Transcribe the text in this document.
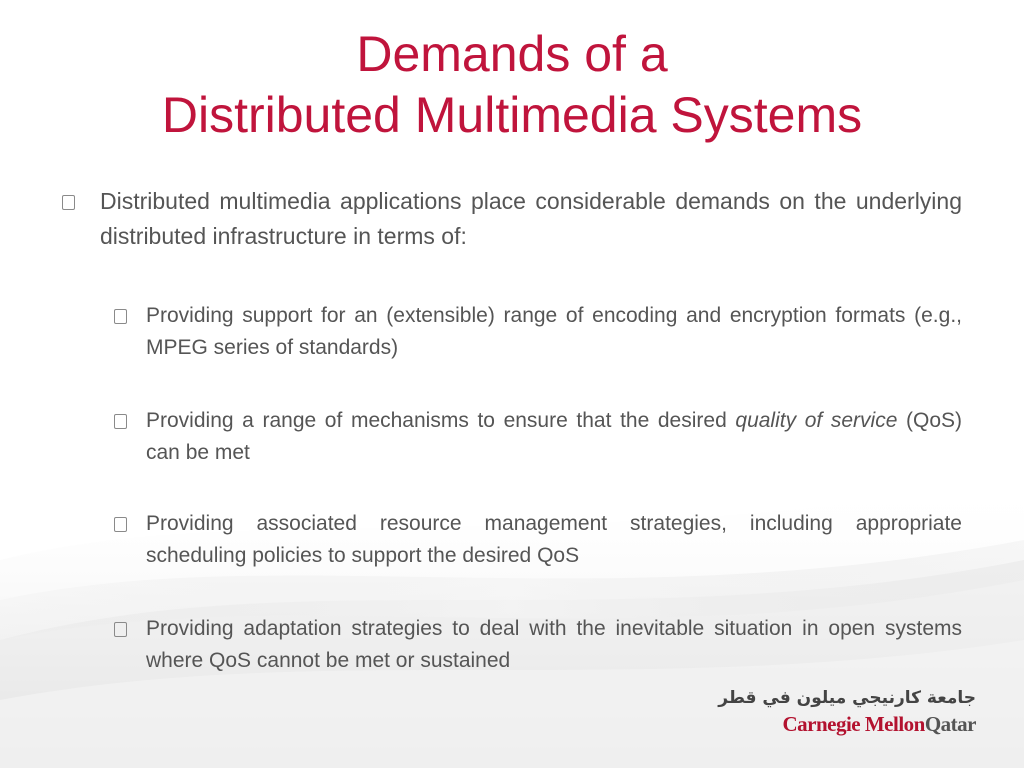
Demands of a
Distributed Multimedia Systems
Distributed multimedia applications place considerable demands on the underlying distributed infrastructure in terms of:
Providing support for an (extensible) range of encoding and encryption formats (e.g., MPEG series of standards)
Providing a range of mechanisms to ensure that the desired quality of service (QoS) can be met
Providing associated resource management strategies, including appropriate scheduling policies to support the desired QoS
Providing adaptation strategies to deal with the inevitable situation in open systems where QoS cannot be met or sustained
جامعة كارنيجي ميلون في قطر
Carnegie MellonQatar
